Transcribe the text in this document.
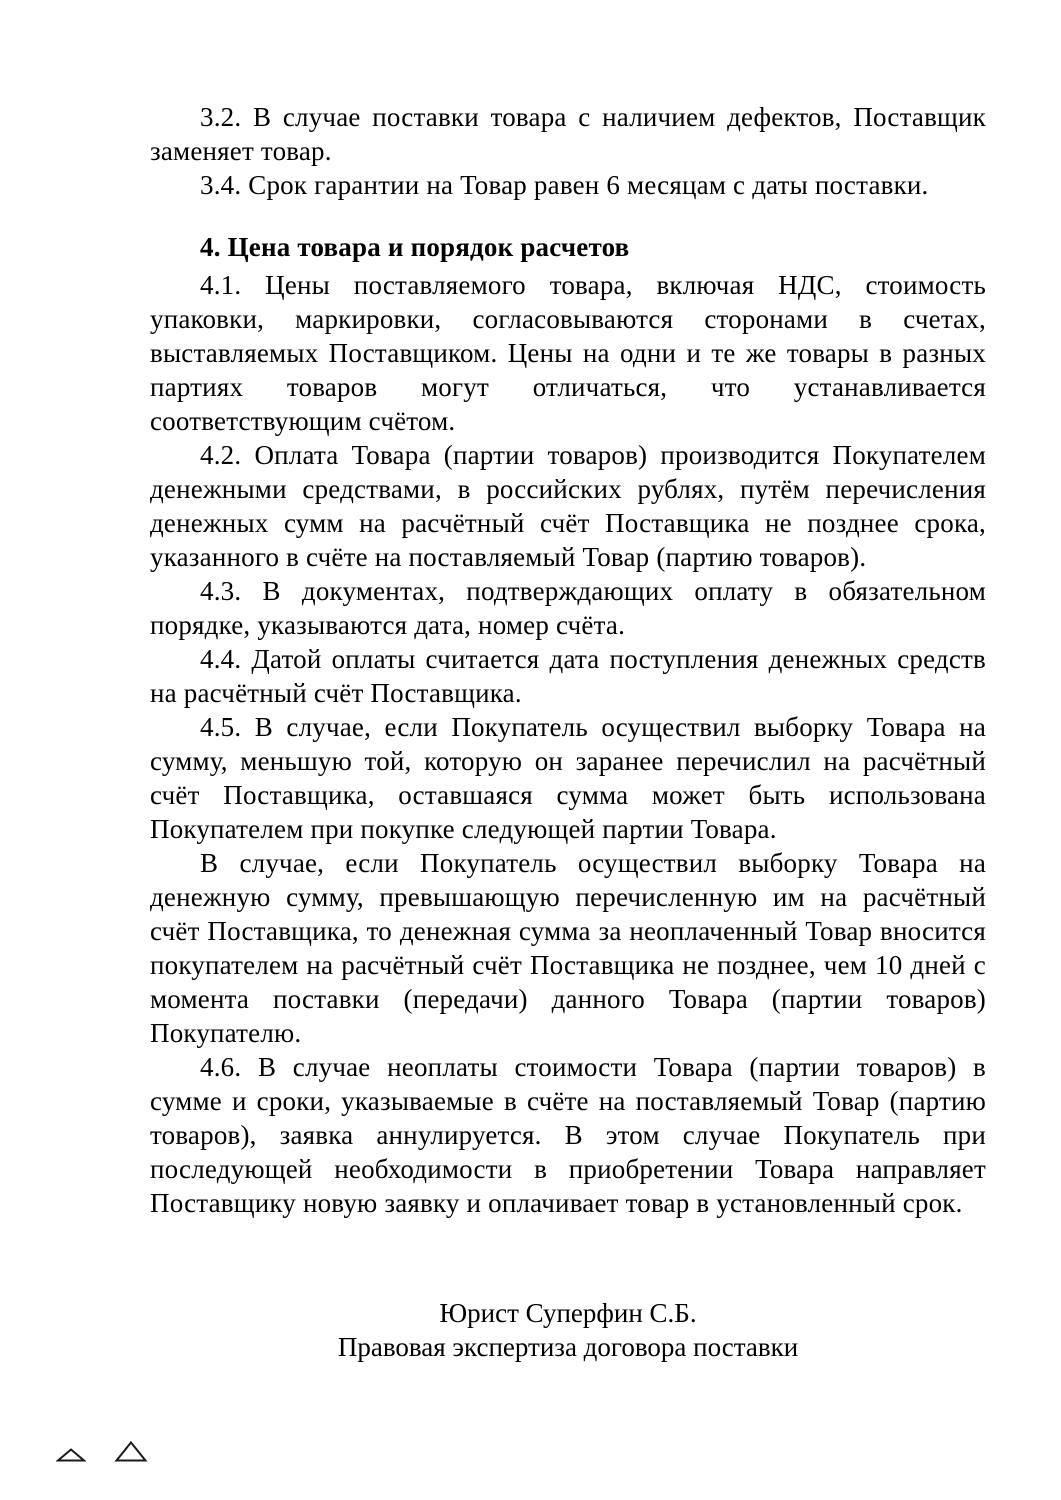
3.2. В случае поставки товара с наличием дефектов, Поставщик заменяет товар.

3.4. Срок гарантии на Товар равен 6 месяцам с даты поставки.

4. Цена товара и порядок расчетов

4.1. Цены поставляемого товара, включая НДС, стоимость упаковки, маркировки, согласовываются сторонами в счетах, выставляемых Поставщиком. Цены на одни и те же товары в разных партиях товаров могут отличаться, что устанавливается соответствующим счётом.

4.2. Оплата Товара (партии товаров) производится Покупателем денежными средствами, в российских рублях, путём перечисления денежных сумм на расчётный счёт Поставщика не позднее срока, указанного в счёте на поставляемый Товар (партию товаров).

4.3. В документах, подтверждающих оплату в обязательном порядке, указываются дата, номер счёта.

4.4. Датой оплаты считается дата поступления денежных средств на расчётный счёт Поставщика.

4.5. В случае, если Покупатель осуществил выборку Товара на сумму, меньшую той, которую он заранее перечислил на расчётный счёт Поставщика, оставшаяся сумма может быть использована Покупателем при покупке следующей партии Товара.

В случае, если Покупатель осуществил выборку Товара на денежную сумму, превышающую перечисленную им на расчётный счёт Поставщика, то денежная сумма за неоплаченный Товар вносится покупателем на расчётный счёт Поставщика не позднее, чем 10 дней с момента поставки (передачи) данного Товара (партии товаров) Покупателю.

4.6. В случае неоплаты стоимости Товара (партии товаров) в сумме и сроки, указываемые в счёте на поставляемый Товар (партию товаров), заявка аннулируется. В этом случае Покупатель при последующей необходимости в приобретении Товара направляет Поставщику новую заявку и оплачивает товар в установленный срок.

Юрист Суперфин С.Б.

Правовая экспертиза договора поставки
